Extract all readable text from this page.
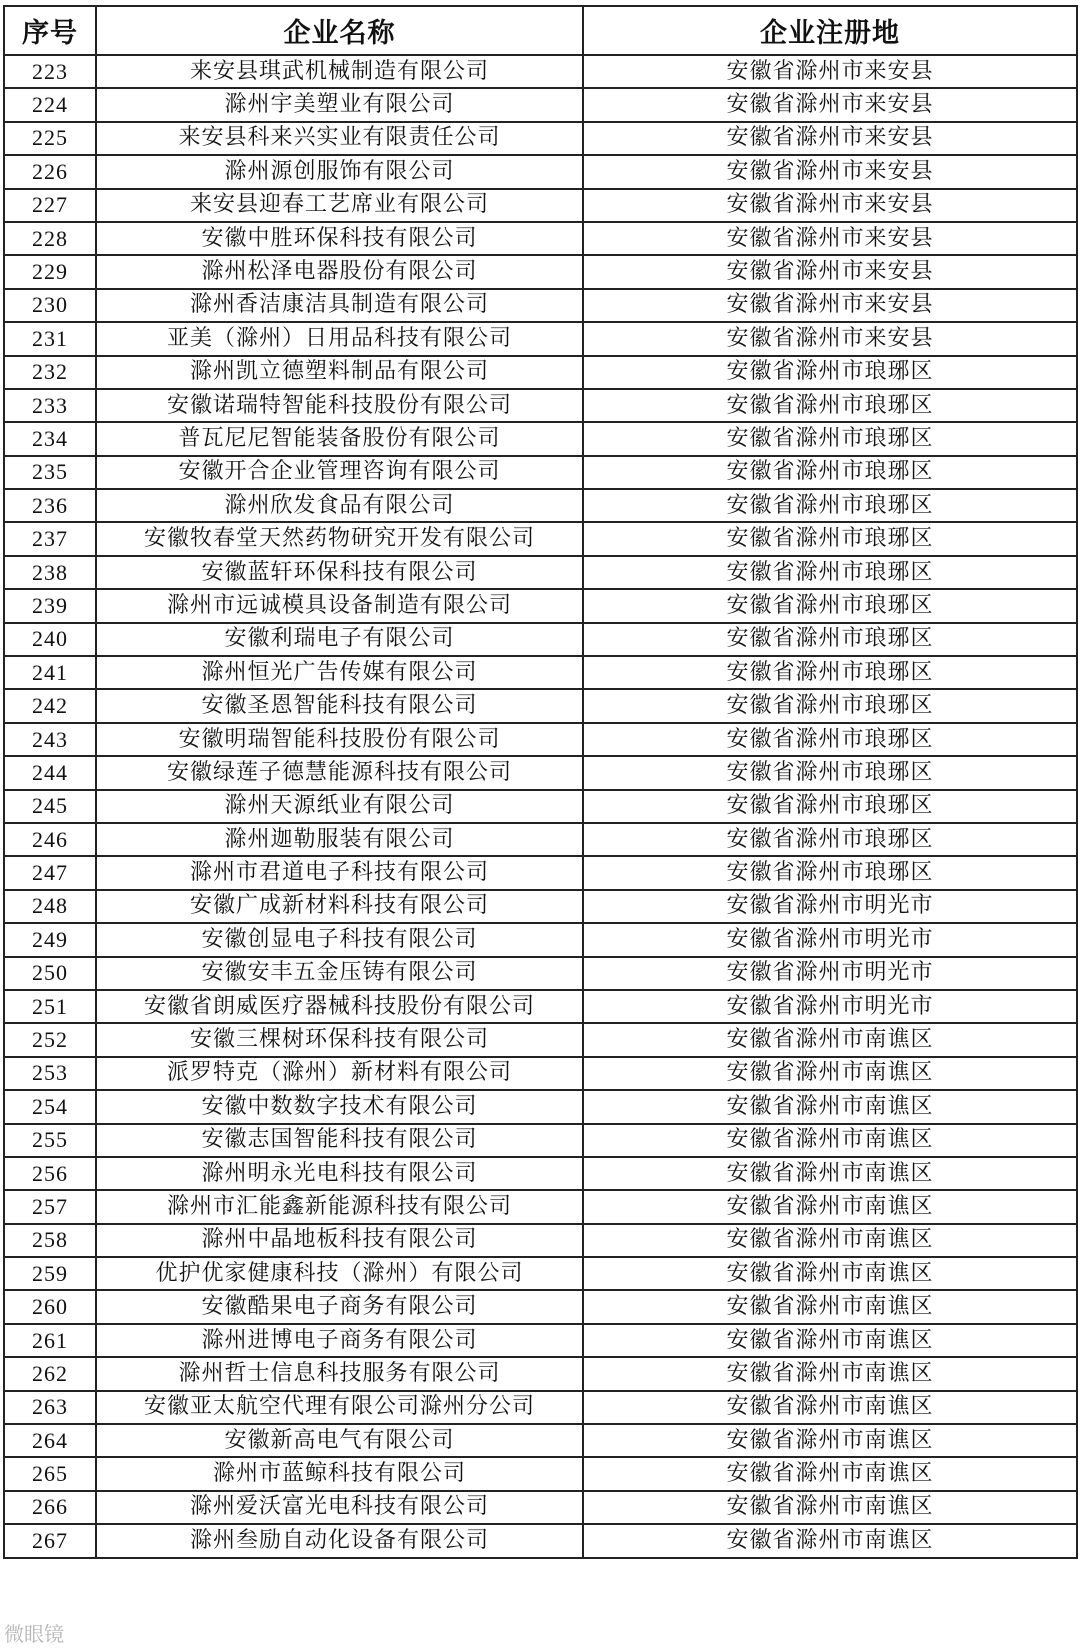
序号	企业名称	企业注册地
223	来安县琪武机械制造有限公司	安徽省滁州市来安县
224	滁州宇美塑业有限公司	安徽省滁州市来安县
225	来安县科来兴实业有限责任公司	安徽省滁州市来安县
226	滁州源创服饰有限公司	安徽省滁州市来安县
227	来安县迎春工艺席业有限公司	安徽省滁州市来安县
228	安徽中胜环保科技有限公司	安徽省滁州市来安县
229	滁州松泽电器股份有限公司	安徽省滁州市来安县
230	滁州香洁康洁具制造有限公司	安徽省滁州市来安县
231	亚美（滁州）日用品科技有限公司	安徽省滁州市来安县
232	滁州凯立德塑料制品有限公司	安徽省滁州市琅琊区
233	安徽诺瑞特智能科技股份有限公司	安徽省滁州市琅琊区
234	普瓦尼尼智能装备股份有限公司	安徽省滁州市琅琊区
235	安徽开合企业管理咨询有限公司	安徽省滁州市琅琊区
236	滁州欣发食品有限公司	安徽省滁州市琅琊区
237	安徽牧春堂天然药物研究开发有限公司	安徽省滁州市琅琊区
238	安徽蓝轩环保科技有限公司	安徽省滁州市琅琊区
239	滁州市远诚模具设备制造有限公司	安徽省滁州市琅琊区
240	安徽利瑞电子有限公司	安徽省滁州市琅琊区
241	滁州恒光广告传媒有限公司	安徽省滁州市琅琊区
242	安徽圣恩智能科技有限公司	安徽省滁州市琅琊区
243	安徽明瑞智能科技股份有限公司	安徽省滁州市琅琊区
244	安徽绿莲子德慧能源科技有限公司	安徽省滁州市琅琊区
245	滁州天源纸业有限公司	安徽省滁州市琅琊区
246	滁州迦勒服装有限公司	安徽省滁州市琅琊区
247	滁州市君道电子科技有限公司	安徽省滁州市琅琊区
248	安徽广成新材料科技有限公司	安徽省滁州市明光市
249	安徽创显电子科技有限公司	安徽省滁州市明光市
250	安徽安丰五金压铸有限公司	安徽省滁州市明光市
251	安徽省朗威医疗器械科技股份有限公司	安徽省滁州市明光市
252	安徽三棵树环保科技有限公司	安徽省滁州市南谯区
253	派罗特克（滁州）新材料有限公司	安徽省滁州市南谯区
254	安徽中数数字技术有限公司	安徽省滁州市南谯区
255	安徽志国智能科技有限公司	安徽省滁州市南谯区
256	滁州明永光电科技有限公司	安徽省滁州市南谯区
257	滁州市汇能鑫新能源科技有限公司	安徽省滁州市南谯区
258	滁州中晶地板科技有限公司	安徽省滁州市南谯区
259	优护优家健康科技（滁州）有限公司	安徽省滁州市南谯区
260	安徽酷果电子商务有限公司	安徽省滁州市南谯区
261	滁州进博电子商务有限公司	安徽省滁州市南谯区
262	滁州哲士信息科技服务有限公司	安徽省滁州市南谯区
263	安徽亚太航空代理有限公司滁州分公司	安徽省滁州市南谯区
264	安徽新高电气有限公司	安徽省滁州市南谯区
265	滁州市蓝鲸科技有限公司	安徽省滁州市南谯区
266	滁州爱沃富光电科技有限公司	安徽省滁州市南谯区
267	滁州叁励自动化设备有限公司	安徽省滁州市南谯区
微眼镜
